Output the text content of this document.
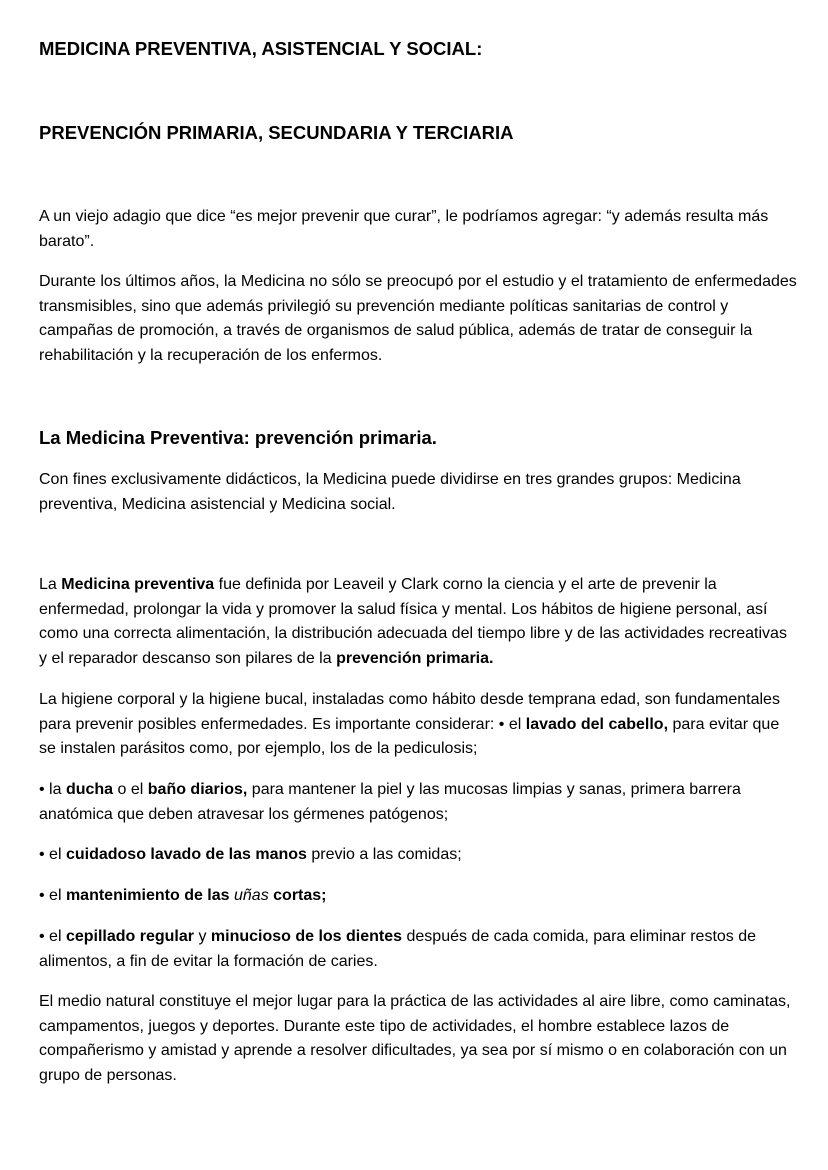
MEDICINA PREVENTIVA, ASISTENCIAL Y SOCIAL:
PREVENCIÓN PRIMARIA, SECUNDARIA Y TERCIARIA

A un viejo adagio que dice “es mejor prevenir que curar”, le podríamos agregar: “y además resulta más barato”.

Durante los últimos años, la Medicina no sólo se preocupó por el estudio y el tratamiento de enfermedades transmisibles, sino que además privilegió su prevención mediante políticas sanitarias de control y campañas de promoción, a través de organismos de salud pública, además de tratar de conseguir la rehabilitación y la recuperación de los enfermos.

La Medicina Preventiva: prevención primaria.

Con fines exclusivamente didácticos, la Medicina puede dividirse en tres grandes grupos: Medicina preventiva, Medicina asistencial y Medicina social.

La Medicina preventiva fue definida por Leaveil y Clark corno la ciencia y el arte de prevenir la enfermedad, prolongar la vida y promover la salud física y mental. Los hábitos de higiene personal, así como una correcta alimentación, la distribución adecuada del tiempo libre y de las actividades recreativas y el reparador descanso son pilares de la prevención primaria.

La higiene corporal y la higiene bucal, instaladas como hábito desde temprana edad, son fundamentales para prevenir posibles enfermedades. Es importante considerar: • el lavado del cabello, para evitar que se instalen parásitos como, por ejemplo, los de la pediculosis;

• la ducha o el baño diarios, para mantener la piel y las mucosas limpias y sanas, primera barrera anatómica que deben atravesar los gérmenes patógenos;

• el cuidadoso lavado de las manos previo a las comidas;

• el mantenimiento de las uñas cortas;

• el cepillado regular y minucioso de los dientes después de cada comida, para eliminar restos de alimentos, a fin de evitar la formación de caries.

El medio natural constituye el mejor lugar para la práctica de las actividades al aire libre, como caminatas, campamentos, juegos y deportes. Durante este tipo de actividades, el hombre establece lazos de compañerismo y amistad y aprende a resolver dificultades, ya sea por sí mismo o en colaboración con un grupo de personas.
